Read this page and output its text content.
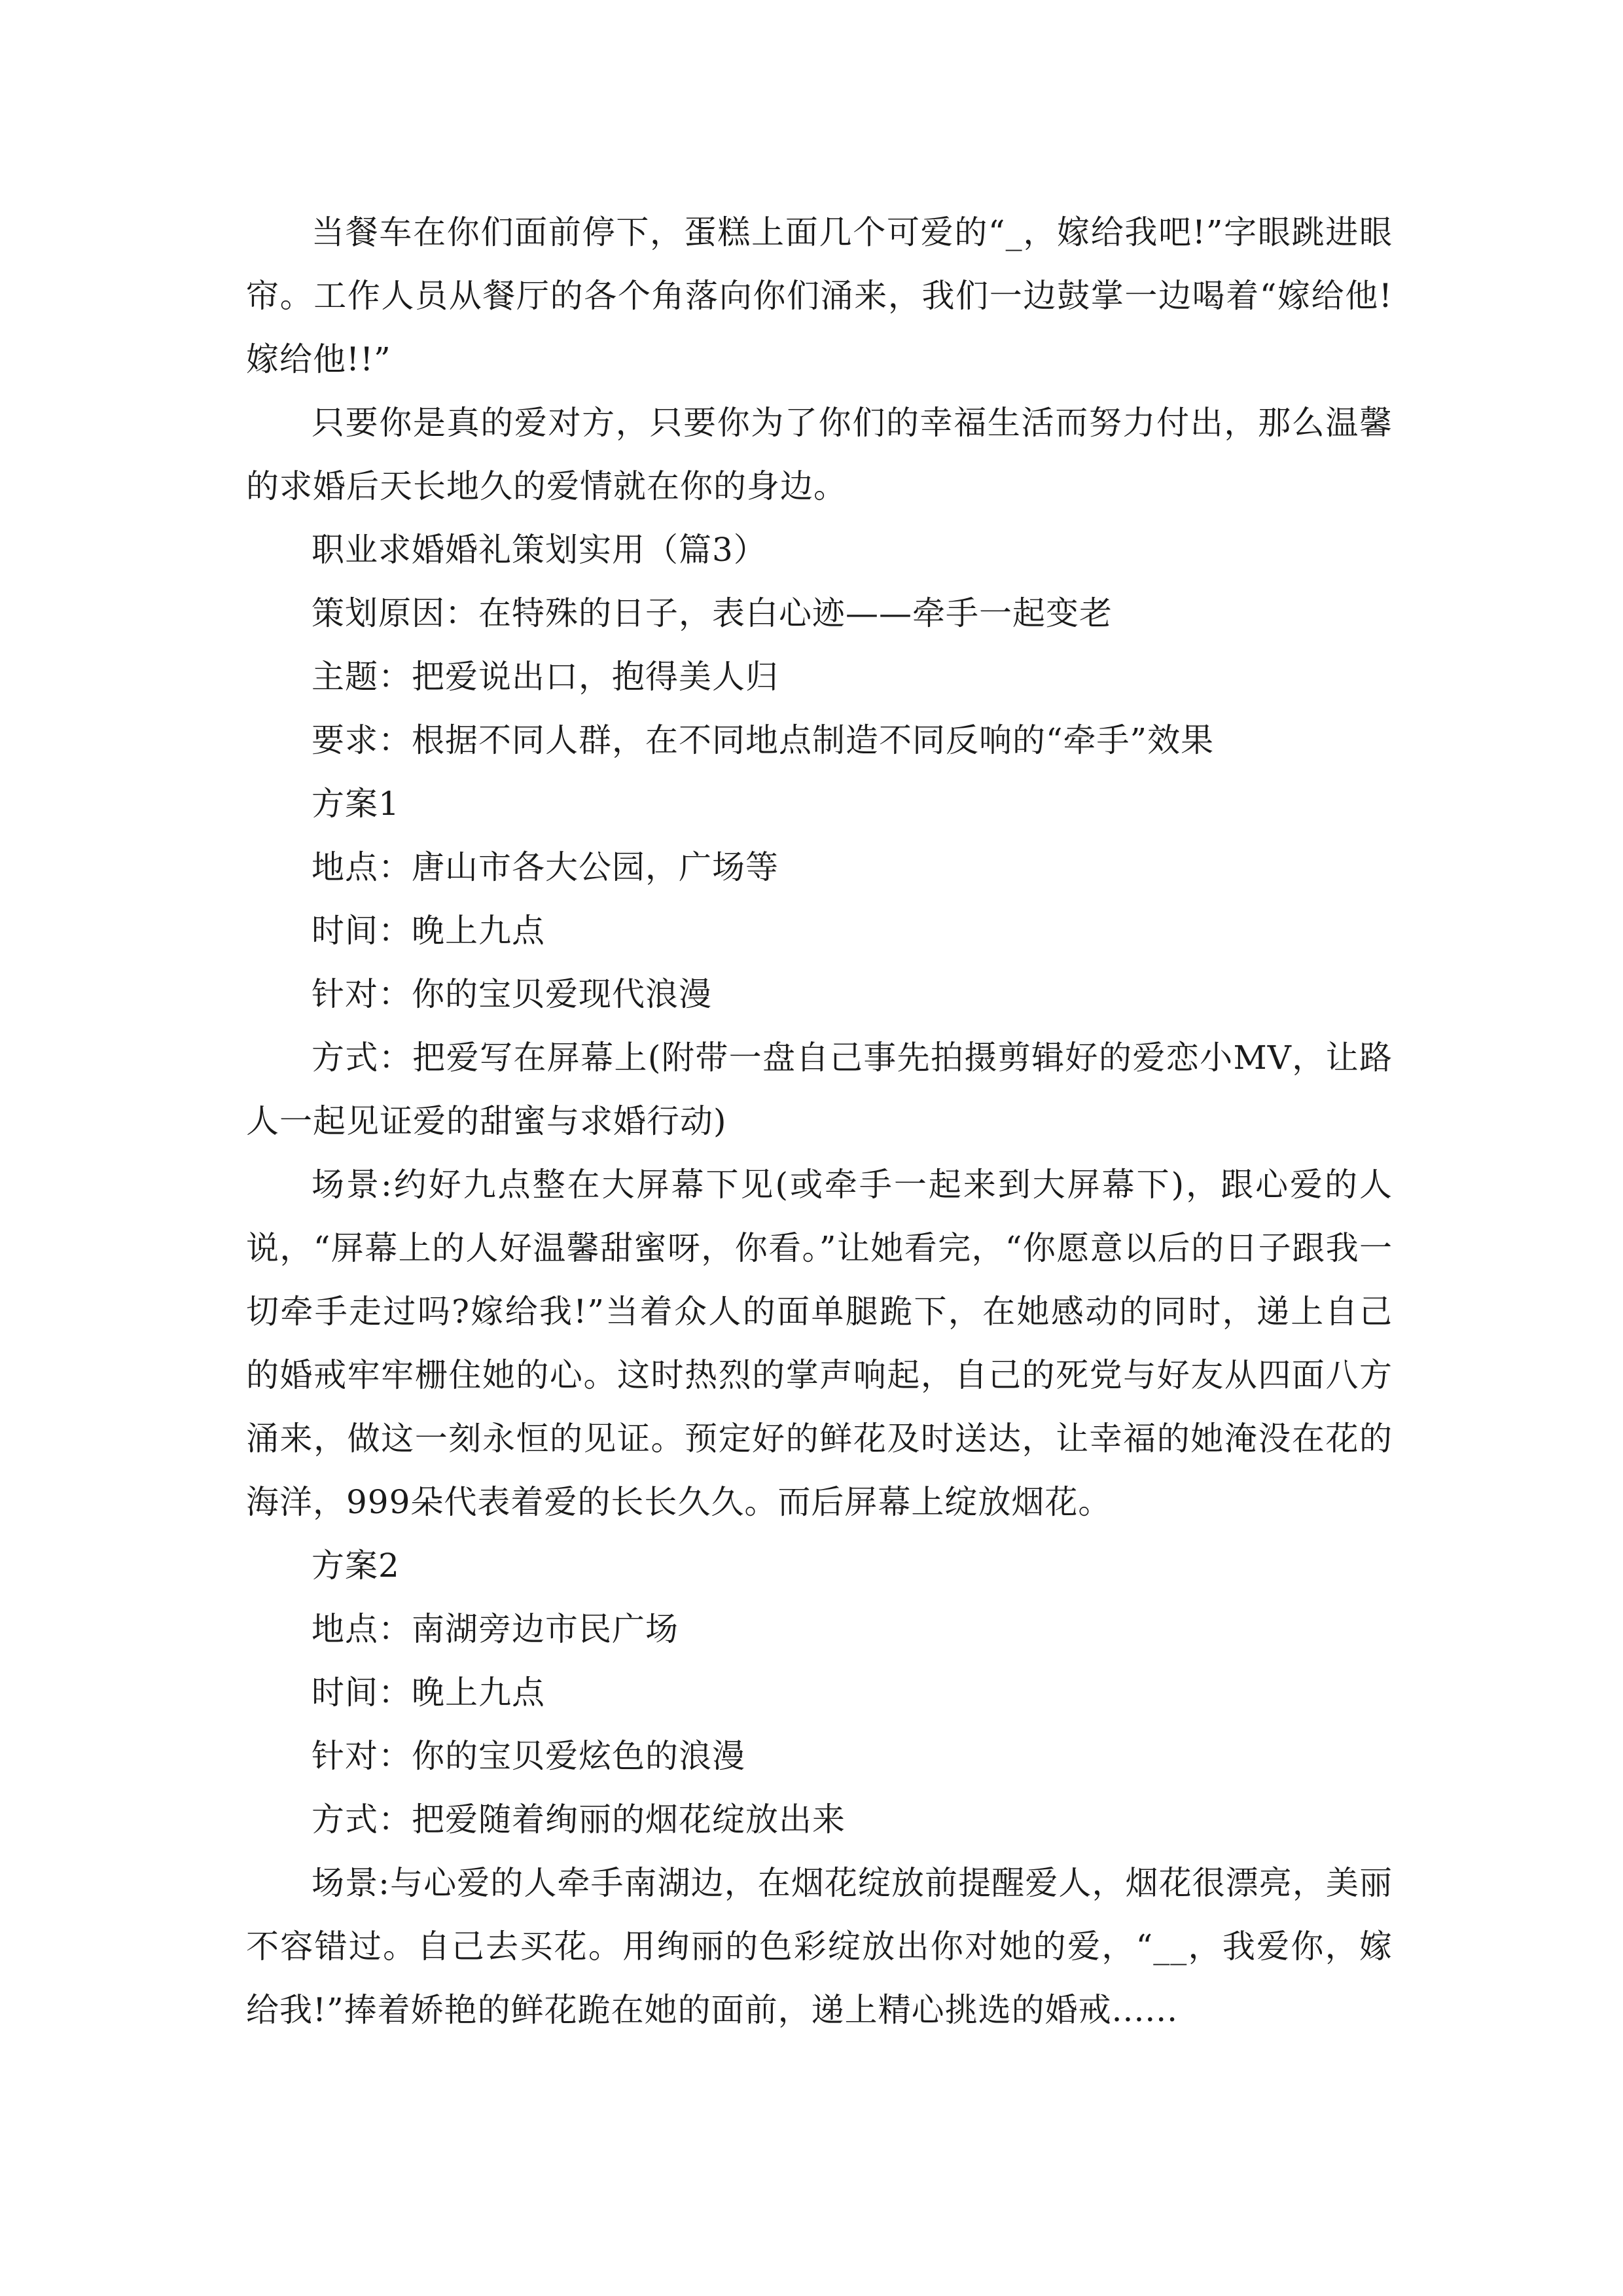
当餐车在你们面前停下，蛋糕上面几个可爱的“_，嫁给我吧!”字眼跳进眼帘。工作人员从餐厅的各个角落向你们涌来，我们一边鼓掌一边喝着“嫁给他!嫁给他!!”

只要你是真的爱对方，只要你为了你们的幸福生活而努力付出，那么温馨的求婚后天长地久的爱情就在你的身边。

职业求婚婚礼策划实用（篇3）

策划原因：在特殊的日子，表白心迹——牵手一起变老

主题：把爱说出口，抱得美人归

要求：根据不同人群，在不同地点制造不同反响的“牵手”效果

方案1

地点：唐山市各大公园，广场等

时间：晚上九点

针对：你的宝贝爱现代浪漫

方式：把爱写在屏幕上(附带一盘自己事先拍摄剪辑好的爱恋小MV，让路人一起见证爱的甜蜜与求婚行动)

场景:约好九点整在大屏幕下见(或牵手一起来到大屏幕下)，跟心爱的人说，“屏幕上的人好温馨甜蜜呀，你看。”让她看完，“你愿意以后的日子跟我一切牵手走过吗?嫁给我!”当着众人的面单腿跪下，在她感动的同时，递上自己的婚戒牢牢栅住她的心。这时热烈的掌声响起，自己的死党与好友从四面八方涌来，做这一刻永恒的见证。预定好的鲜花及时送达，让幸福的她淹没在花的海洋，999朵代表着爱的长长久久。而后屏幕上绽放烟花。

方案2

地点：南湖旁边市民广场

时间：晚上九点

针对：你的宝贝爱炫色的浪漫

方式：把爱随着绚丽的烟花绽放出来

场景:与心爱的人牵手南湖边，在烟花绽放前提醒爱人，烟花很漂亮，美丽不容错过。自己去买花。用绚丽的色彩绽放出你对她的爱，“__，我爱你，嫁给我!”捧着娇艳的鲜花跪在她的面前，递上精心挑选的婚戒......
